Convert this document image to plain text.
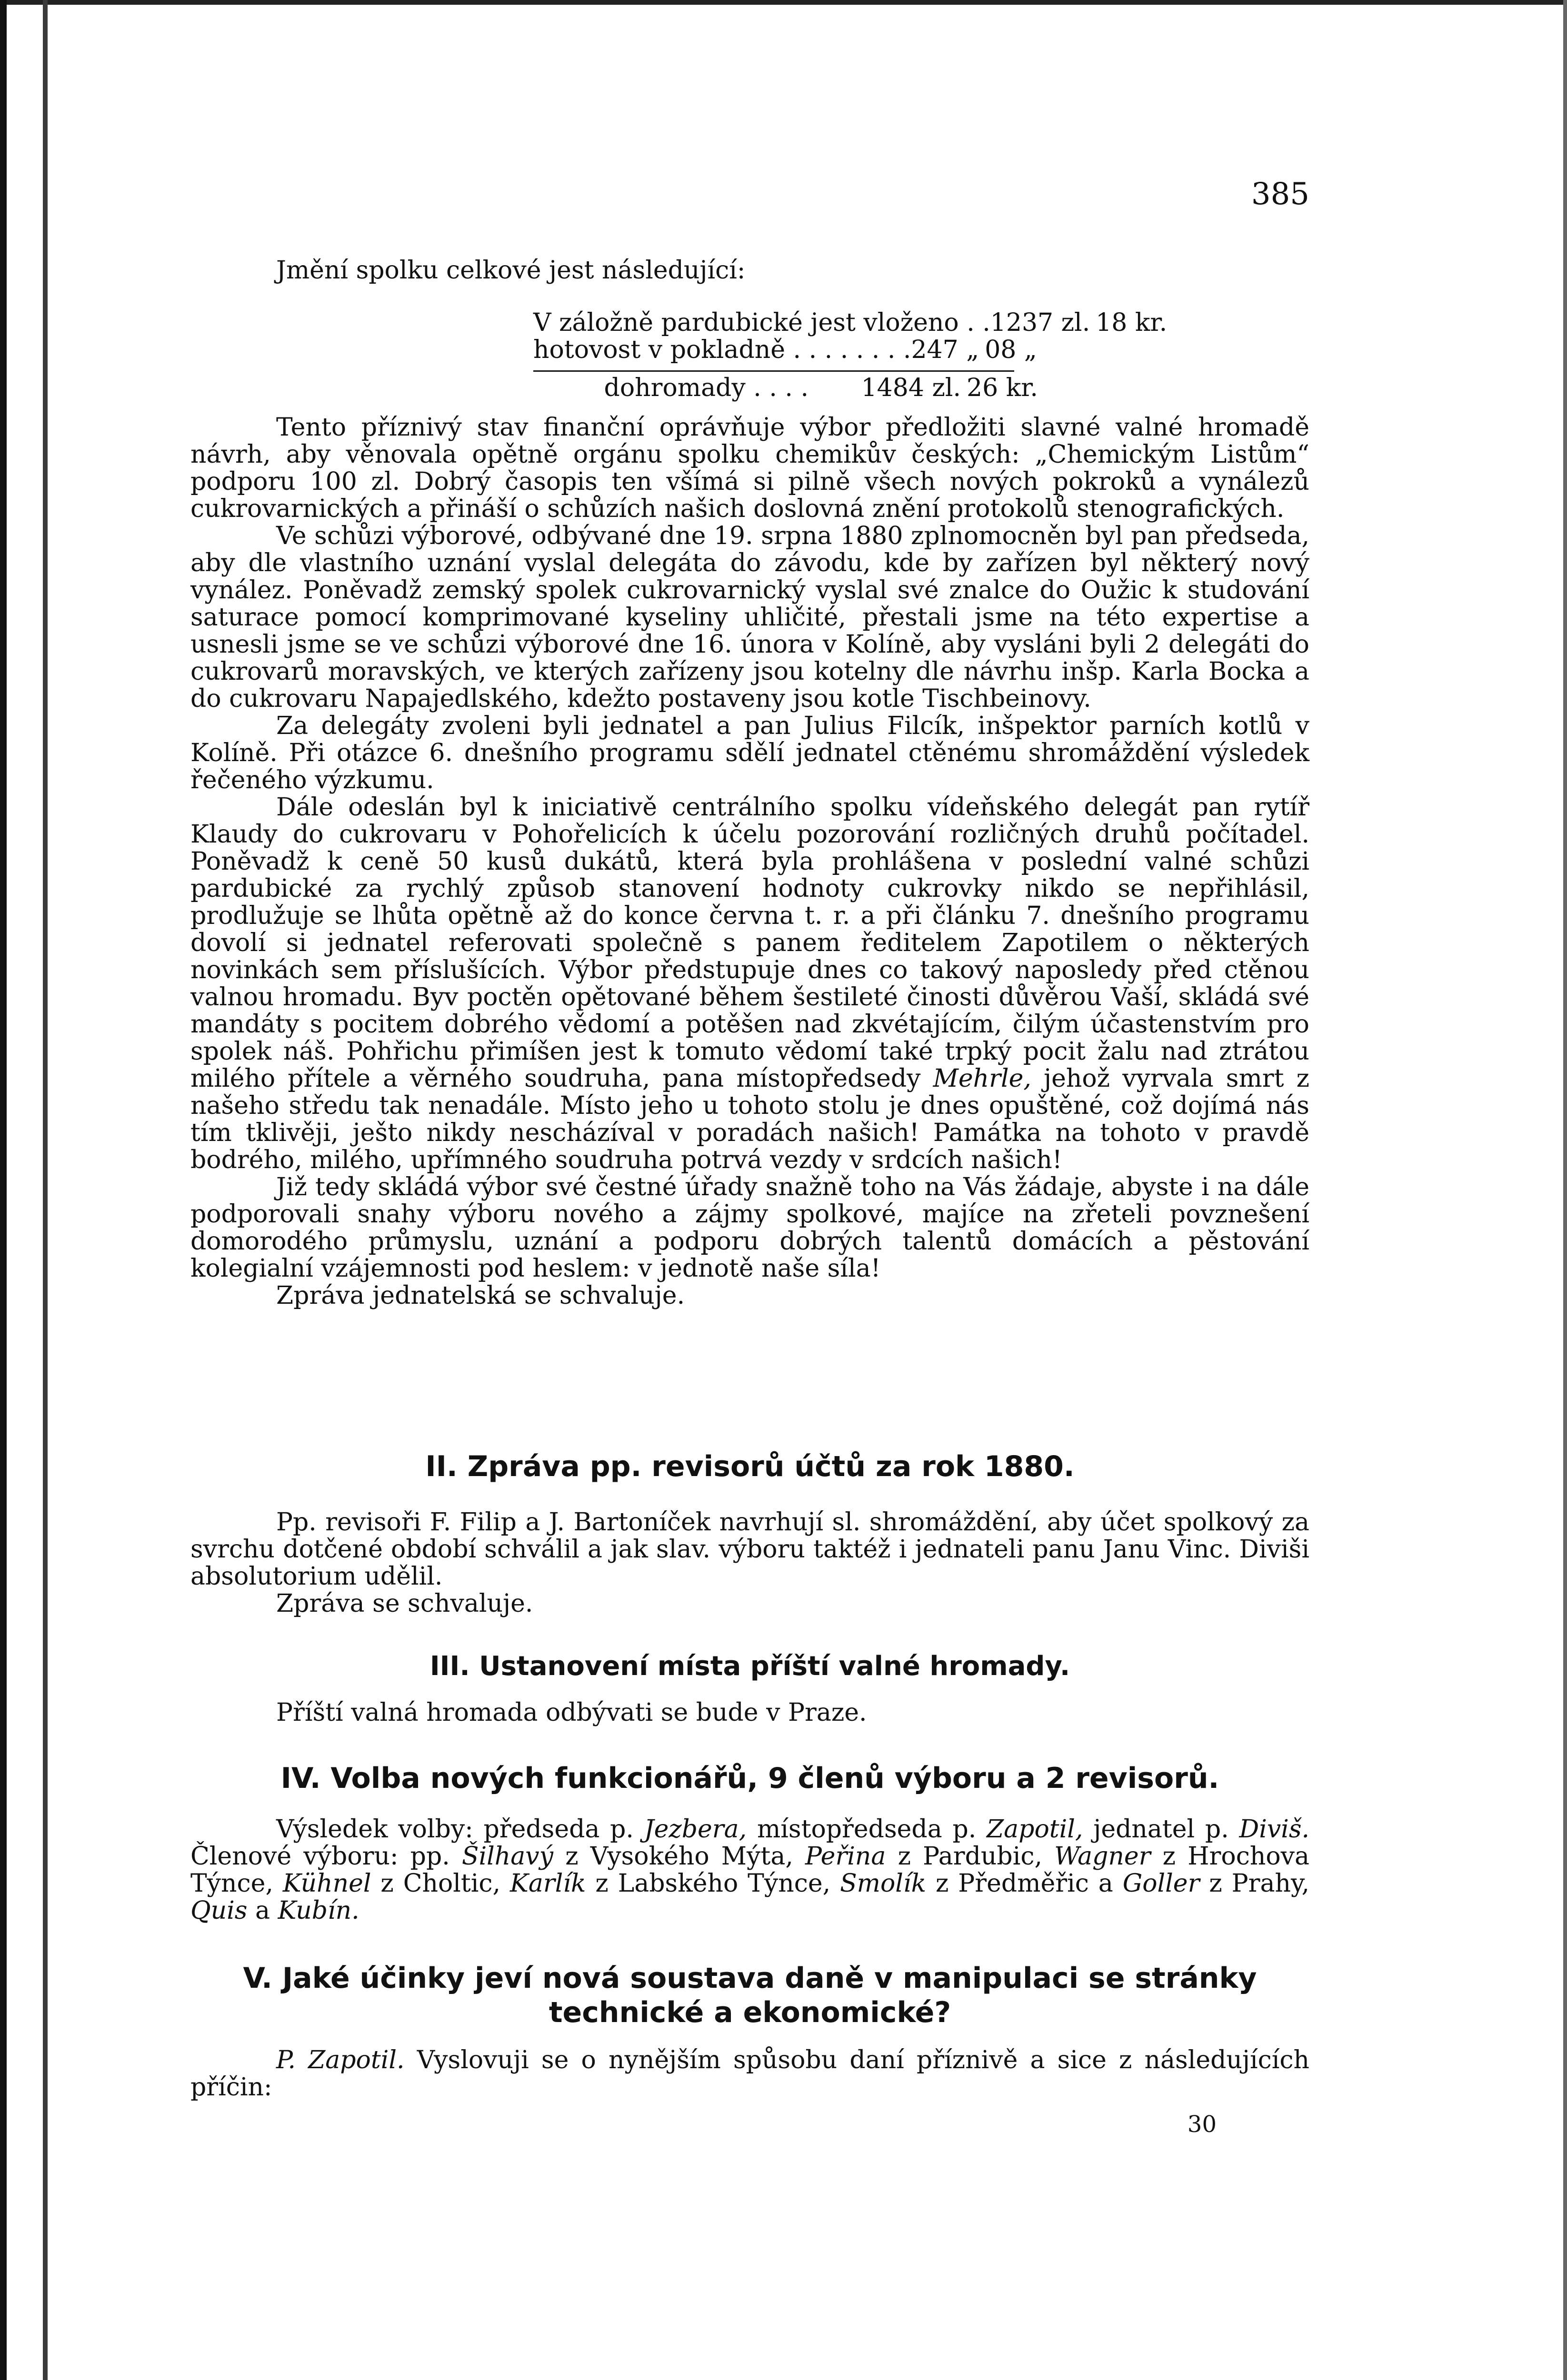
385
Jmění spolku celkové jest následující:
V záložně pardubické jest vloženo . . 1237 zl. 18 kr.
hotovost v pokladně . . . . . . . . 247 „ 08 „
dohromady . . . .	1484 zl. 26 kr.

Tento příznivý stav finanční oprávňuje výbor předložiti slavné valné hromadě návrh, aby věnovala opětně orgánu spolku chemikův českých: „Chemickým Listům“ podporu 100 zl. Dobrý časopis ten všímá si pilně všech nových pokroků a vynálezů cukrovarnických a přináší o schůzích našich doslovná znění protokolů stenografických.

Ve schůzi výborové, odbývané dne 19. srpna 1880 zplnomocněn byl pan předseda, aby dle vlastního uznání vyslal delegáta do závodu, kde by zařízen byl některý nový vynález. Poněvadž zemský spolek cukrovarnický vyslal své znalce do Oužic k studování saturace pomocí komprimované kyseliny uhličité, přestali jsme na této expertise a usnesli jsme se ve schůzi výborové dne 16. února v Kolíně, aby vysláni byli 2 delegáti do cukrovarů moravských, ve kterých zařízeny jsou kotelny dle návrhu inšp. Karla Bocka a do cukrovaru Napajedlského, kdežto postaveny jsou kotle Tischbeinovy.

Za delegáty zvoleni byli jednatel a pan Julius Filcík, inšpektor parních kotlů v Kolíně. Při otázce 6. dnešního programu sdělí jednatel ctěnému shromáždění výsledek řečeného výzkumu.

Dále odeslán byl k iniciativě centrálního spolku vídeňského delegát pan rytíř Klaudy do cukrovaru v Pohořelicích k účelu pozorování rozličných druhů počítadel. Poněvadž k ceně 50 kusů dukátů, která byla prohlášena v poslední valné schůzi pardubické za rychlý způsob stanovení hodnoty cukrovky nikdo se nepřihlásil, prodlužuje se lhůta opětně až do konce června t. r. a při článku 7. dnešního programu dovolí si jednatel referovati společně s panem ředitelem Zapotilem o některých novinkách sem příslušících. Výbor předstupuje dnes co takový naposledy před ctěnou valnou hromadu. Byv poctěn opětované během šestileté činosti důvěrou Vaší, skládá své mandáty s pocitem dobrého vědomí a potěšen nad zkvétajícím, čilým účastenstvím pro spolek náš. Pohřichu přimíšen jest k tomuto vědomí také trpký pocit žalu nad ztrátou milého přítele a věrného soudruha, pana místopředsedy Mehrle, jehož vyrvala smrt z našeho středu tak nenadále. Místo jeho u tohoto stolu je dnes opuštěné, což dojímá nás tím tklivěji, ješto nikdy nescházíval v poradách našich! Památka na tohoto v pravdě bodrého, milého, upřímného soudruha potrvá vezdy v srdcích našich!

Již tedy skládá výbor své čestné úřady snažně toho na Vás žádaje, abyste i na dále podporovali snahy výboru nového a zájmy spolkové, majíce na zřeteli povznešení domorodého průmyslu, uznání a podporu dobrých talentů domácích a pěstování kolegialní vzájemnosti pod heslem: v jednotě naše síla!

Zpráva jednatelská se schvaluje.

II. Zpráva pp. revisorů účtů za rok 1880.

Pp. revisoři F. Filip a J. Bartoníček navrhují sl. shromáždění, aby účet spolkový za svrchu dotčené období schválil a jak slav. výboru taktéž i jednateli panu Janu Vinc. Diviši absolutorium udělil.

Zpráva se schvaluje.

III. Ustanovení místa příští valné hromady.

Příští valná hromada odbývati se bude v Praze.

IV. Volba nových funkcionářů, 9 členů výboru a 2 revisorů.

Výsledek volby: předseda p. Jezbera, místopředseda p. Zapotil, jednatel p. Diviš. Členové výboru: pp. Šilhavý z Vysokého Mýta, Peřina z Pardubic, Wagner z Hrochova Týnce, Kühnel z Choltic, Karlík z Labského Týnce, Smolík z Předměřic a Goller z Prahy, Quis a Kubín.

V. Jaké účinky jeví nová soustava daně v manipulaci se stránky
technické a ekonomické?

P. Zapotil. Vyslovuji se o nynějším spůsobu daní příznivě a sice z následujících příčin:

30
